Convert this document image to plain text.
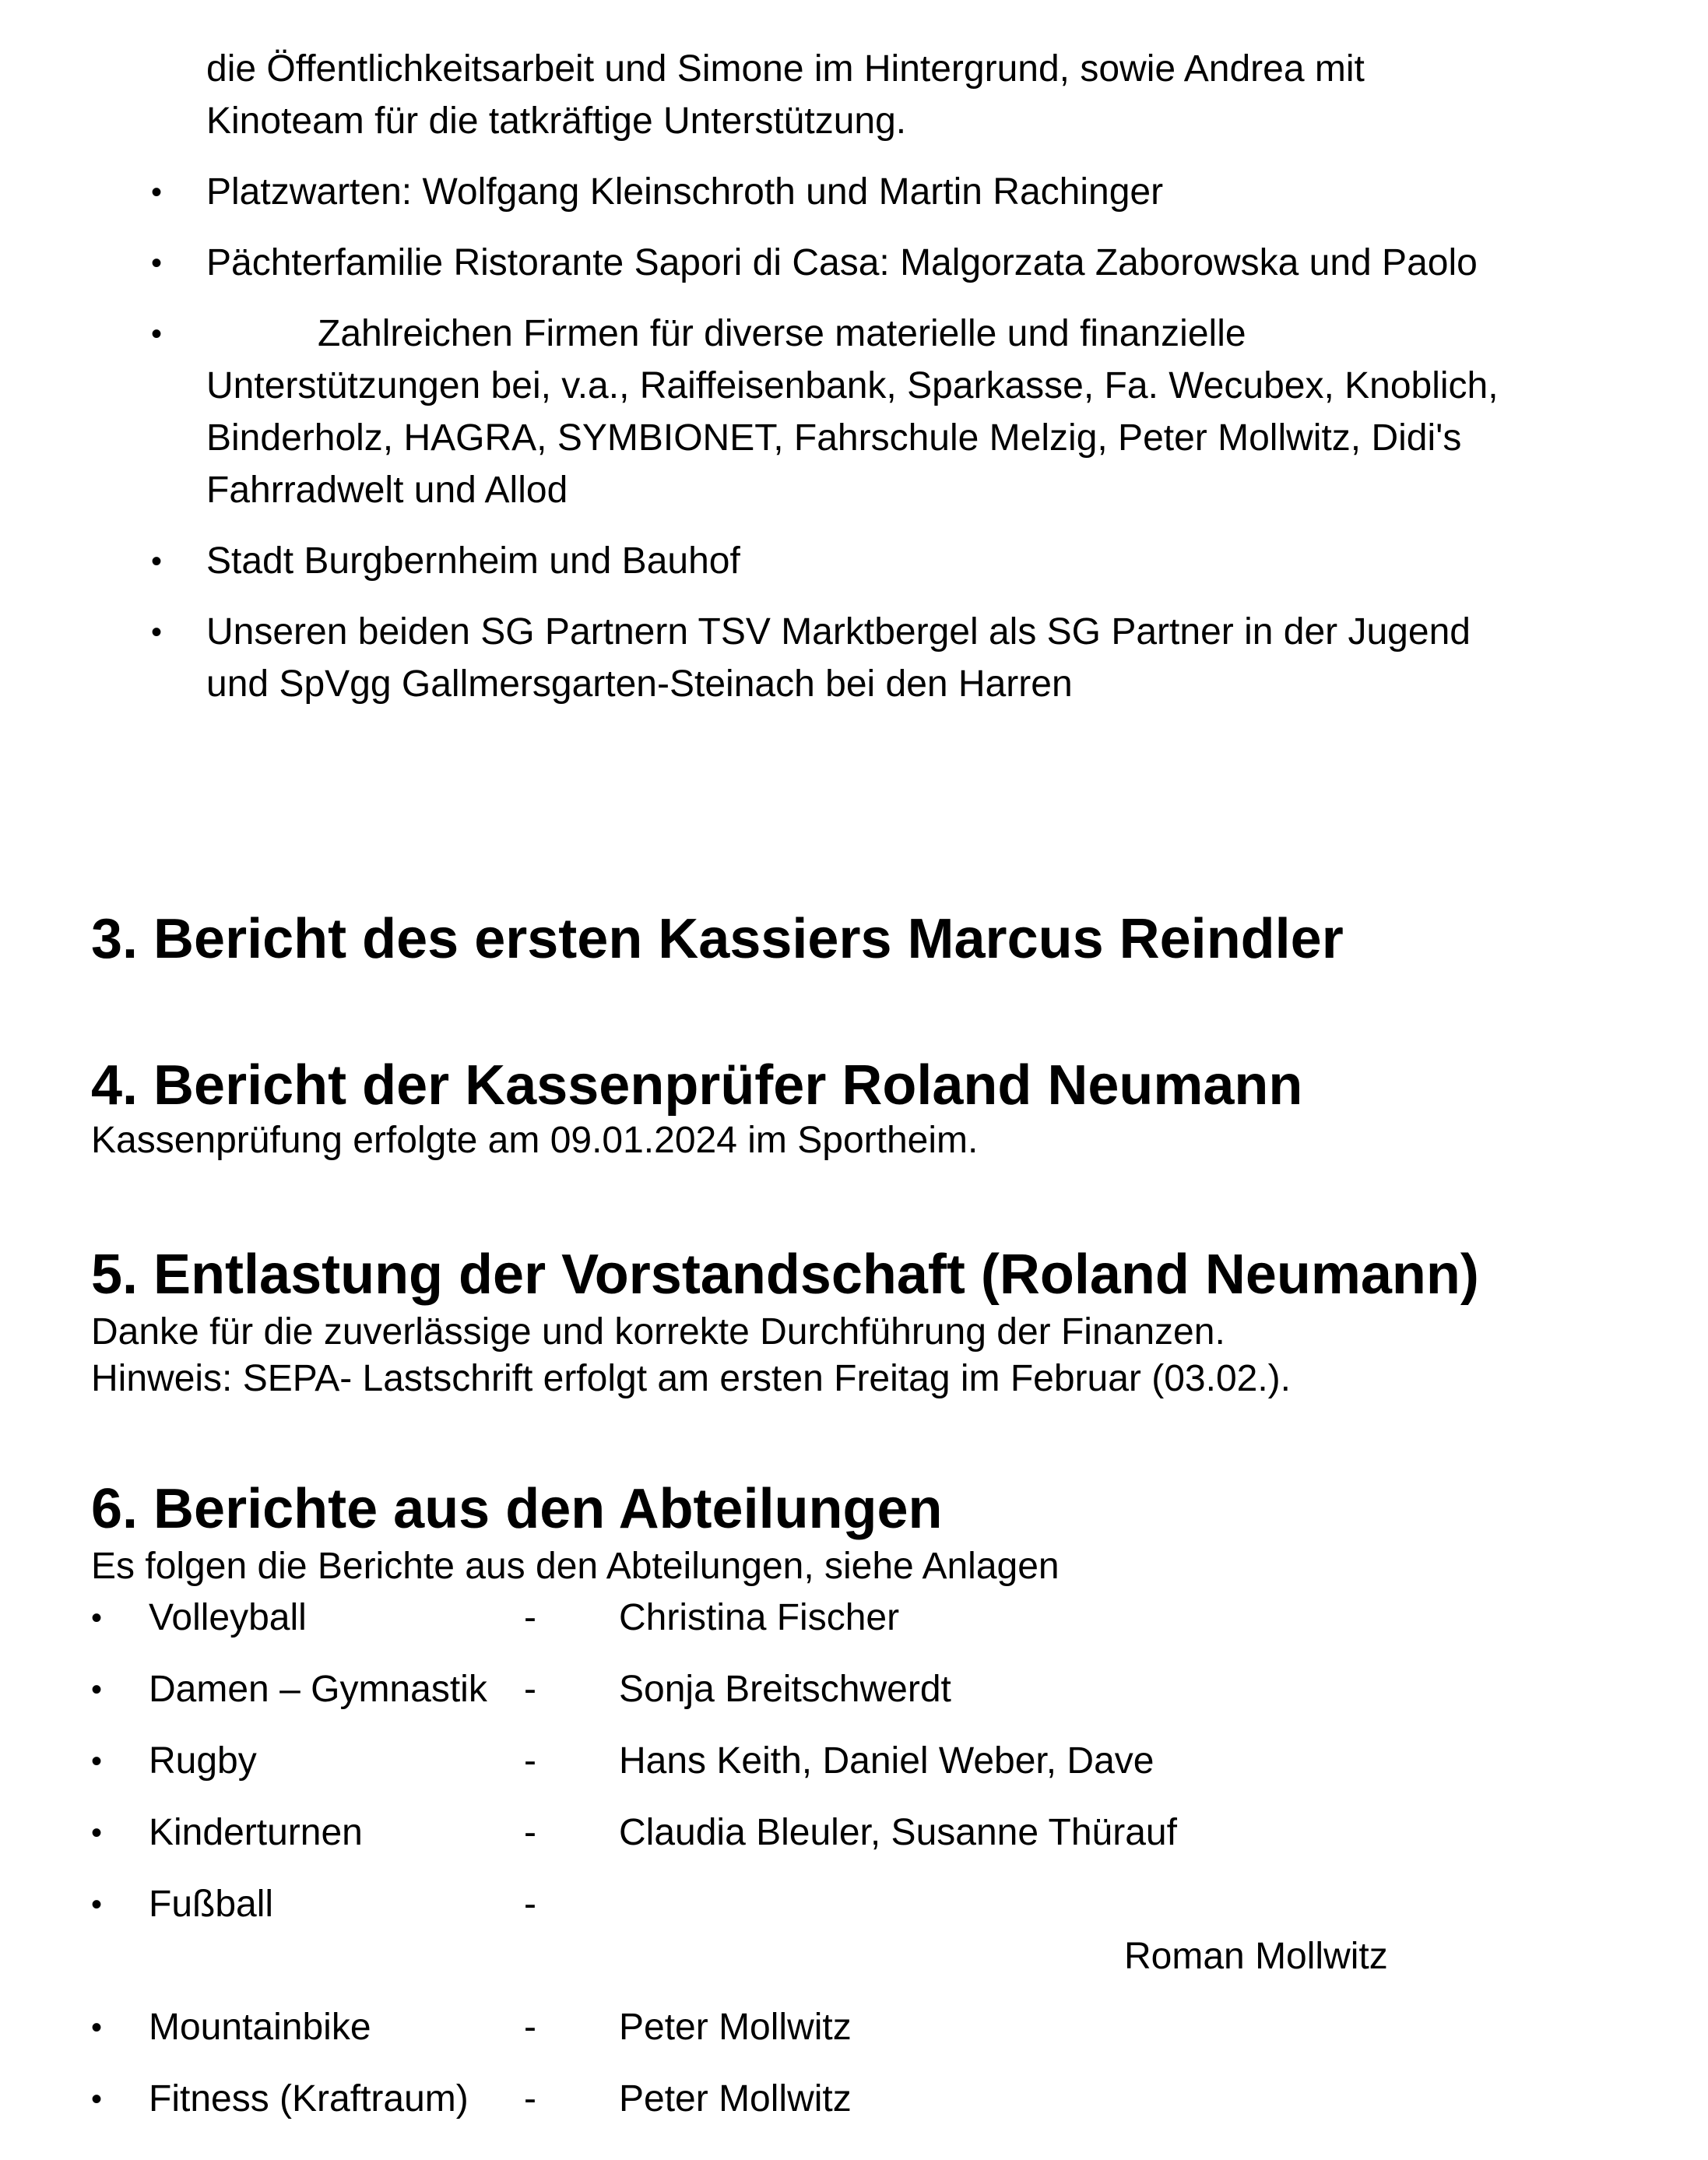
die Öffentlichkeitsarbeit und Simone im Hintergrund, sowie Andrea mit
Kinoteam für die tatkräftige Unterstützung.
• Platzwarten: Wolfgang Kleinschroth und Martin Rachinger
• Pächterfamilie Ristorante Sapori di Casa: Malgorzata Zaborowska und Paolo
•	Zahlreichen Firmen für diverse materielle und finanzielle
Unterstützungen bei, v.a., Raiffeisenbank, Sparkasse, Fa. Wecubex, Knoblich,
Binderholz, HAGRA, SYMBIONET, Fahrschule Melzig, Peter Mollwitz, Didi's
Fahrradwelt und Allod
• Stadt Burgbernheim und Bauhof
• Unseren beiden SG Partnern TSV Marktbergel als SG Partner in der Jugend
und SpVgg Gallmersgarten-Steinach bei den Harren
3. Bericht des ersten Kassiers Marcus Reindler
4. Bericht der Kassenprüfer Roland Neumann
Kassenprüfung erfolgte am 09.01.2024 im Sportheim.
5. Entlastung der Vorstandschaft (Roland Neumann)
Danke für die zuverlässige und korrekte Durchführung der Finanzen.
Hinweis: SEPA- Lastschrift erfolgt am ersten Freitag im Februar (03.02.).
6. Berichte aus den Abteilungen
Es folgen die Berichte aus den Abteilungen, siehe Anlagen
• Volleyball	- Christina Fischer
• Damen – Gymnastik - Sonja Breitschwerdt
• Rugby	- Hans Keith, Daniel Weber, Dave
• Kinderturnen	- Claudia Bleuler, Susanne Thürauf
• Fußball	-
Roman Mollwitz
• Mountainbike	- Peter Mollwitz
• Fitness (Kraftraum) - Peter Mollwitz
